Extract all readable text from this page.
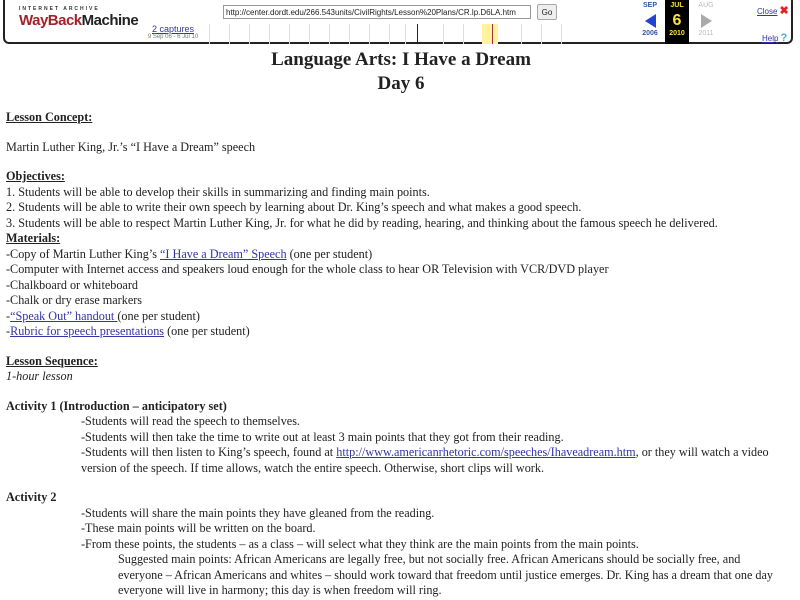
INTERNET ARCHIVE
WayBackMachine	2 captures
9 Sep 06 - 6 Jul 10
http://center.dordt.edu/266.543units/CivilRights/Lesson%20Plans/CR.lp.D6LA.htm	Go
SEP
2006
JUL
6
2010
AUG
2011
Close ✖
Help ?
Language Arts: I Have a Dream
Day 6

Lesson Concept:

Martin Luther King, Jr.’s “I Have a Dream” speech

Objectives:

1. Students will be able to develop their skills in summarizing and finding main points.

2. Students will be able to write their own speech by learning about Dr. King’s speech and what makes a good speech.

3. Students will be able to respect Martin Luther King, Jr. for what he did by reading, hearing, and thinking about the famous speech he delivered.

Materials:

-Copy of Martin Luther King’s “I Have a Dream” Speech (one per student)

-Computer with Internet access and speakers loud enough for the whole class to hear OR Television with VCR/DVD player

-Chalkboard or whiteboard

-Chalk or dry erase markers

-“Speak Out” handout (one per student)

-Rubric for speech presentations (one per student)

Lesson Sequence:

1-hour lesson

Activity 1 (Introduction – anticipatory set)

-Students will read the speech to themselves.

-Students will then take the time to write out at least 3 main points that they got from their reading.

-Students will then listen to King’s speech, found at http://www.americanrhetoric.com/speeches/Ihaveadream.htm, or they will watch a video

version of the speech. If time allows, watch the entire speech. Otherwise, short clips will work.

Activity 2

-Students will share the main points they have gleaned from the reading.

-These main points will be written on the board.

-From these points, the students – as a class – will select what they think are the main points from the main points.

Suggested main points: African Americans are legally free, but not socially free. African Americans should be socially free, and everyone – African Americans and whites – should work toward that freedom until justice emerges. Dr. King has a dream that one day everyone will live in harmony; this day is when freedom will ring.
